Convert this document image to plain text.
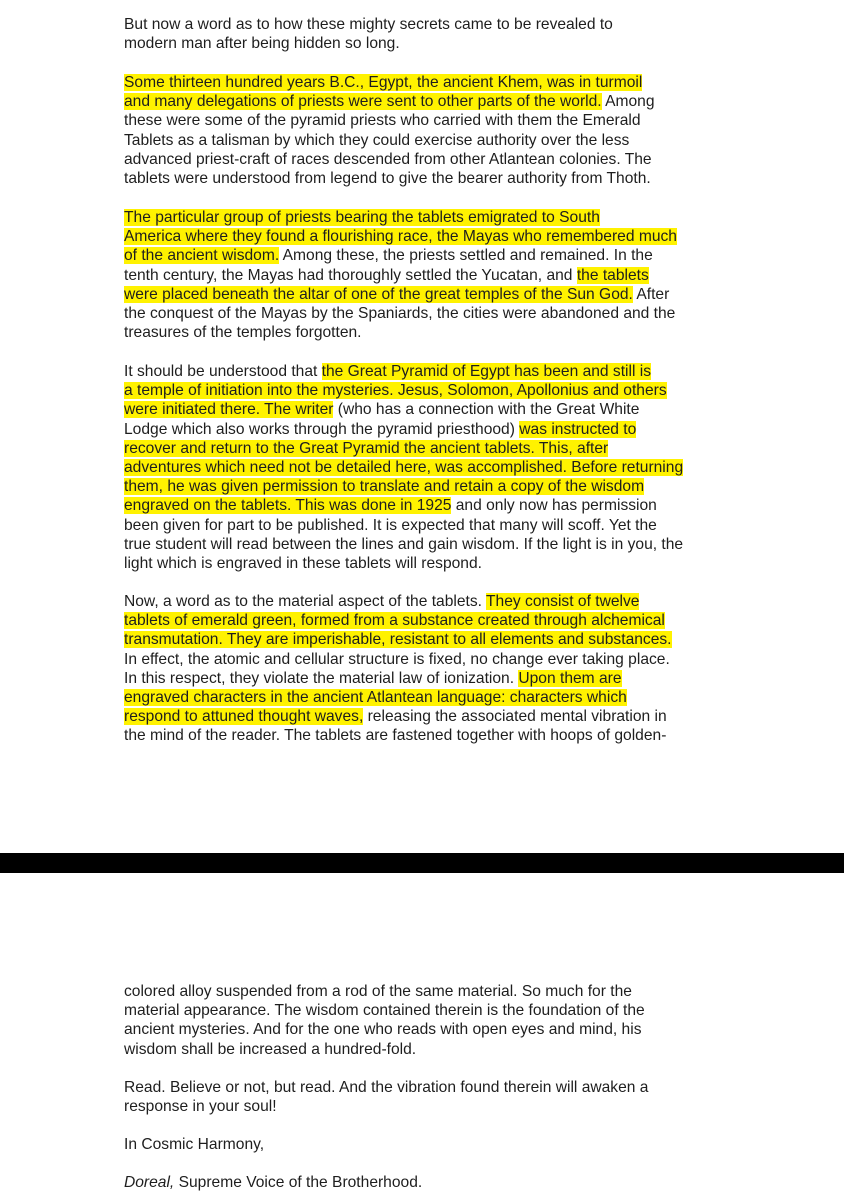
But now a word as to how these mighty secrets came to be revealed to
modern man after being hidden so long.
Some thirteen hundred years B.C., Egypt, the ancient Khem, was in turmoil
and many delegations of priests were sent to other parts of the world. Among
these were some of the pyramid priests who carried with them the Emerald
Tablets as a talisman by which they could exercise authority over the less
advanced priest-craft of races descended from other Atlantean colonies. The
tablets were understood from legend to give the bearer authority from Thoth.
The particular group of priests bearing the tablets emigrated to South
America where they found a flourishing race, the Mayas who remembered much
of the ancient wisdom. Among these, the priests settled and remained. In the
tenth century, the Mayas had thoroughly settled the Yucatan, and the tablets
were placed beneath the altar of one of the great temples of the Sun God. After
the conquest of the Mayas by the Spaniards, the cities were abandoned and the
treasures of the temples forgotten.
It should be understood that the Great Pyramid of Egypt has been and still is
a temple of initiation into the mysteries. Jesus, Solomon, Apollonius and others
were initiated there. The writer (who has a connection with the Great White
Lodge which also works through the pyramid priesthood) was instructed to
recover and return to the Great Pyramid the ancient tablets. This, after
adventures which need not be detailed here, was accomplished. Before returning
them, he was given permission to translate and retain a copy of the wisdom
engraved on the tablets. This was done in 1925 and only now has permission
been given for part to be published. It is expected that many will scoff. Yet the
true student will read between the lines and gain wisdom. If the light is in you, the
light which is engraved in these tablets will respond.
Now, a word as to the material aspect of the tablets. They consist of twelve
tablets of emerald green, formed from a substance created through alchemical
transmutation. They are imperishable, resistant to all elements and substances.
In effect, the atomic and cellular structure is fixed, no change ever taking place.
In this respect, they violate the material law of ionization. Upon them are
engraved characters in the ancient Atlantean language: characters which
respond to attuned thought waves, releasing the associated mental vibration in
the mind of the reader. The tablets are fastened together with hoops of golden-
colored alloy suspended from a rod of the same material. So much for the
material appearance. The wisdom contained therein is the foundation of the
ancient mysteries. And for the one who reads with open eyes and mind, his
wisdom shall be increased a hundred-fold.
Read. Believe or not, but read. And the vibration found therein will awaken a
response in your soul!
In Cosmic Harmony,
Doreal, Supreme Voice of the Brotherhood.
